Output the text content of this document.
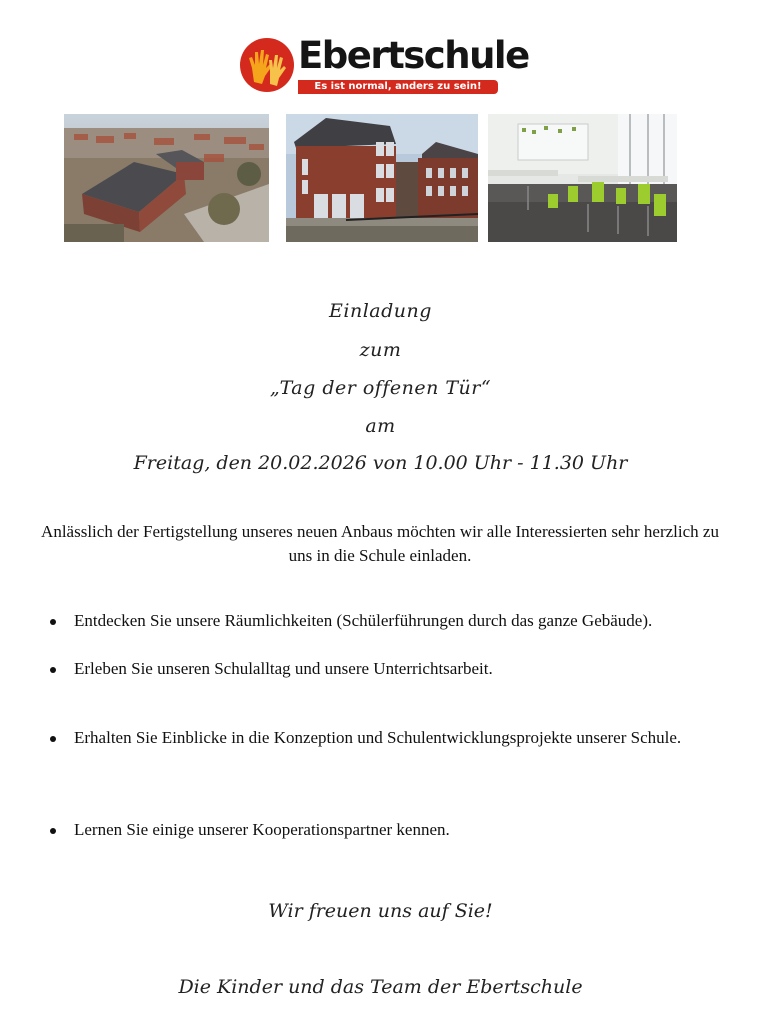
Ebertschule
Es ist normal, anders zu sein!
Einladung
zum
„Tag der offenen Tür“
am
Freitag, den 20.02.2026 von 10.00 Uhr - 11.30 Uhr
Anlässlich der Fertigstellung unseres neuen Anbaus möchten wir alle Interessierten sehr herzlich zu uns in die Schule einladen.
Entdecken Sie unsere Räumlichkeiten (Schülerführungen durch das ganze Gebäude).
Erleben Sie unseren Schulalltag und unsere Unterrichtsarbeit.
Erhalten Sie Einblicke in die Konzeption und Schulentwicklungsprojekte unserer Schule.
Lernen Sie einige unserer Kooperationspartner kennen.
Wir freuen uns auf Sie!
Die Kinder und das Team der Ebertschule
